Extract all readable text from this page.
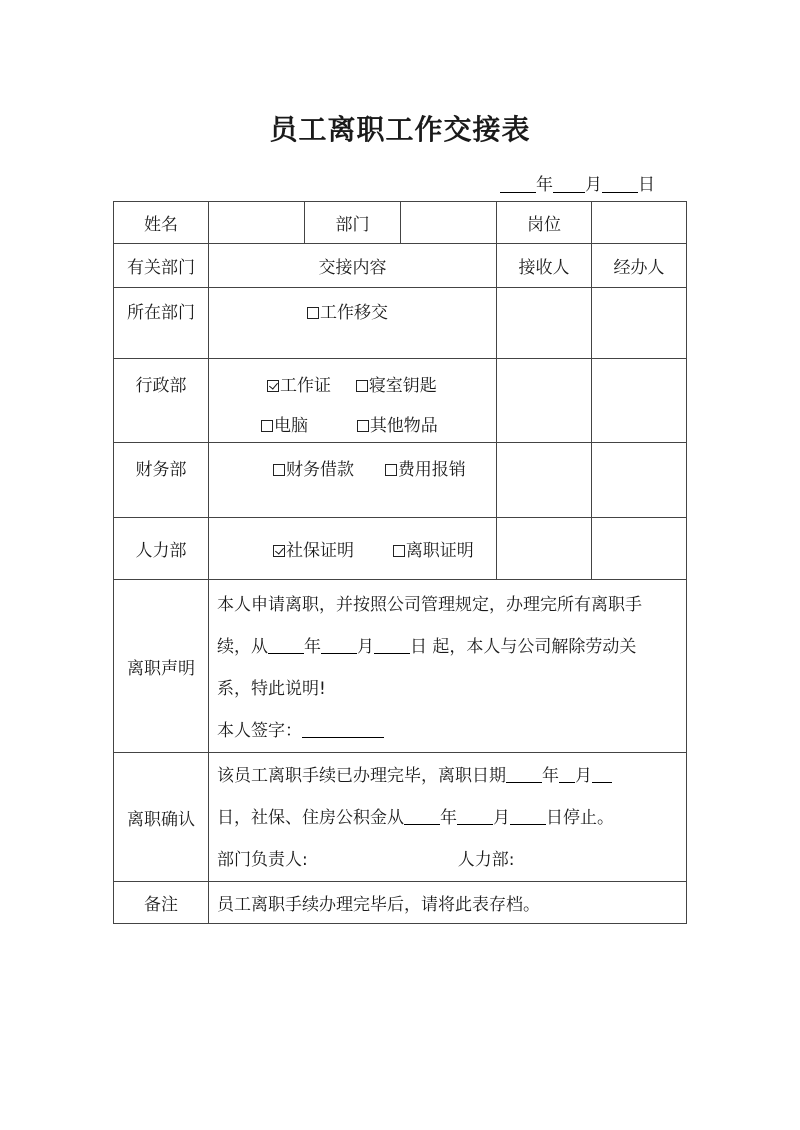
员工离职工作交接表
年 月 日
姓名		部门		岗位	
有关部门	交接内容			接收人	经办人
所在部门	工作移交				
行政部	工作证 寝室钥匙
电脑 其他物品				

财务部	财务借款 费用报销				
人力部	社保证明 离职证明				
离职声明	本人申请离职，并按照公司管理规定，办理完所有离职手
续，从 年 月 日 起，本人与公司解除劳动关
系，特此说明!
本人签字：				

离职确认	该员工离职手续已办理完毕，离职日期 年 月
日，社保、住房公积金从 年 月 日停止。
部门负责人: 人力部:				

备注	员工离职手续办理完毕后，请将此表存档。				
